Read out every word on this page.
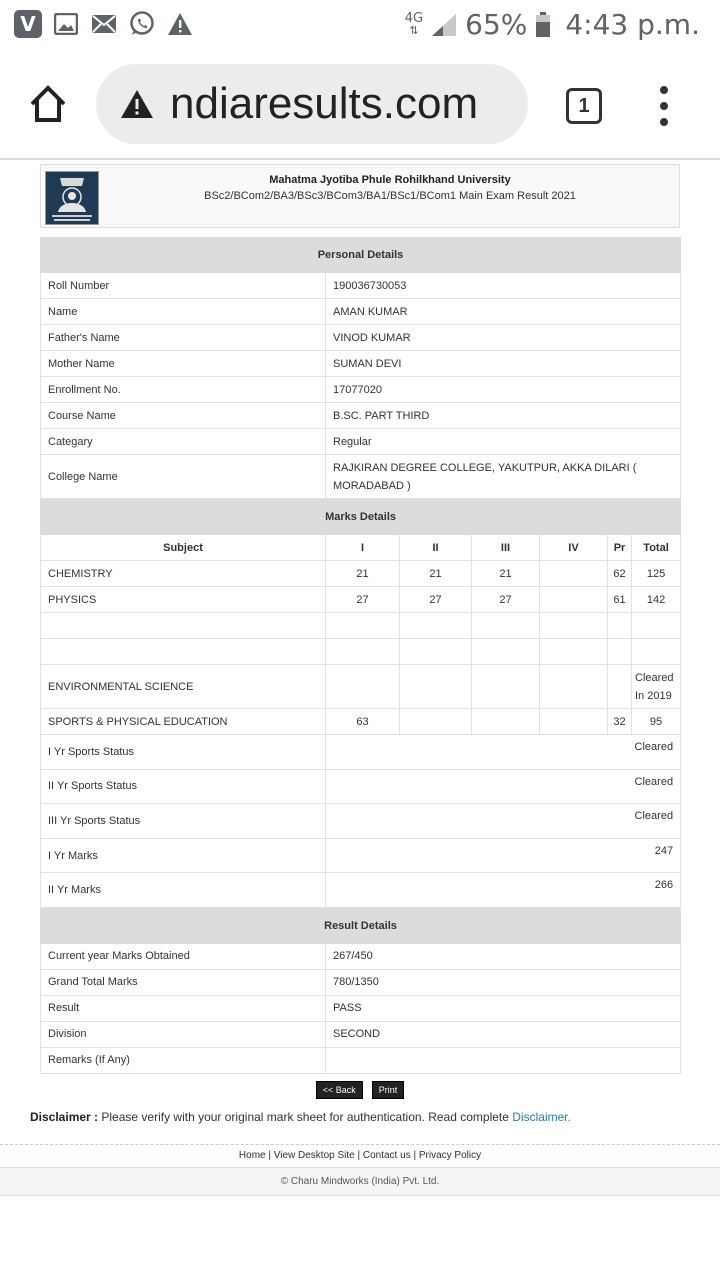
V	4G
⇅ 65% 4:43 p.m.
ndiaresults.com	1
Mahatma Jyotiba Phule Rohilkhand University
BSc2/BCom2/BA3/BSc3/BCom3/BA1/BSc1/BCom1 Main Exam Result 2021
Personal Details	
Roll Number	190036730053
Name	AMAN KUMAR
Father's Name	VINOD KUMAR
Mother Name	SUMAN DEVI
Enrollment No.	17077020
Course Name	B.SC. PART THIRD
Categary	Regular
College Name	RAJKIRAN DEGREE COLLEGE, YAKUTPUR, AKKA DILARI ( MORADABAD )
Marks Details						
Subject	I	II	III	IV	Pr	Total
CHEMISTRY	21	21	21		62	125
PHYSICS	27	27	27		61	142

ENVIRONMENTAL SCIENCE						Cleared In 2019
SPORTS & PHYSICAL EDUCATION	63				32	95
I Yr Sports Status	Cleared					
II Yr Sports Status	Cleared					
III Yr Sports Status	Cleared					
I Yr Marks	247					
II Yr Marks	266					
Result Details	
Current year Marks Obtained	267/450
Grand Total Marks	780/1350
Result	PASS
Division	SECOND
Remarks (If Any)	
<< Back	Print
Disclaimer : Please verify with your original mark sheet for authentication. Read complete Disclaimer.
Home | View Desktop Site | Contact us | Privacy Policy
© Charu Mindworks (India) Pvt. Ltd.
